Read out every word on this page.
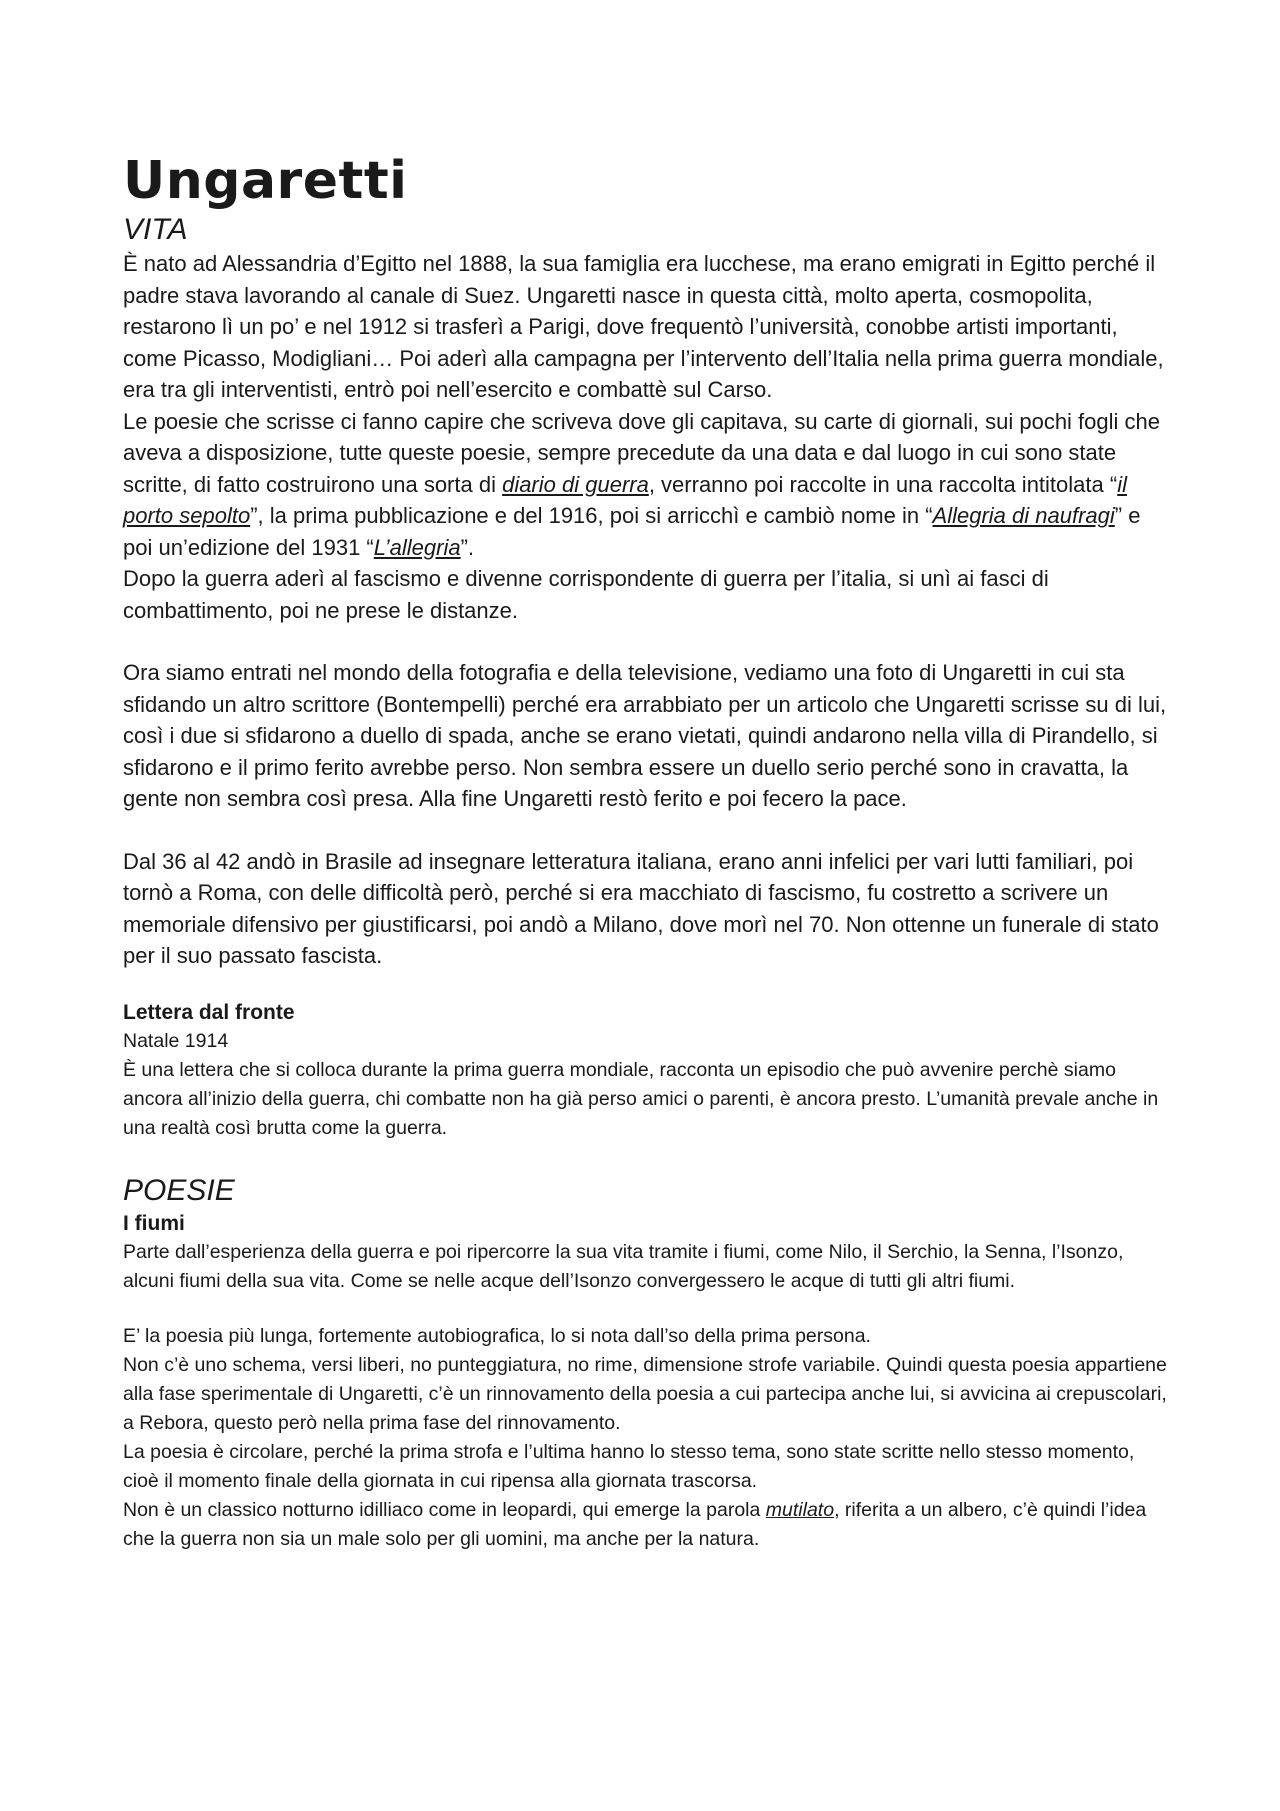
Ungaretti
VITA

È nato ad Alessandria d’Egitto nel 1888, la sua famiglia era lucchese, ma erano emigrati in Egitto perché il padre stava lavorando al canale di Suez. Ungaretti nasce in questa città, molto aperta, cosmopolita, restarono lì un po’ e nel 1912 si trasferì a Parigi, dove frequentò l’università, conobbe artisti importanti, come Picasso, Modigliani… Poi aderì alla campagna per l’intervento dell’Italia nella prima guerra mondiale, era tra gli interventisti, entrò poi nell’esercito e combattè sul Carso.
Le poesie che scrisse ci fanno capire che scriveva dove gli capitava, su carte di giornali, sui pochi fogli che aveva a disposizione, tutte queste poesie, sempre precedute da una data e dal luogo in cui sono state scritte, di fatto costruirono una sorta di diario di guerra, verranno poi raccolte in una raccolta intitolata “il porto sepolto”, la prima pubblicazione e del 1916, poi si arricchì e cambiò nome in “Allegria di naufragi” e poi un’edizione del 1931 “L’allegria”.
Dopo la guerra aderì al fascismo e divenne corrispondente di guerra per l’italia, si unì ai fasci di combattimento, poi ne prese le distanze.

Ora siamo entrati nel mondo della fotografia e della televisione, vediamo una foto di Ungaretti in cui sta sfidando un altro scrittore (Bontempelli) perché era arrabbiato per un articolo che Ungaretti scrisse su di lui, così i due si sfidarono a duello di spada, anche se erano vietati, quindi andarono nella villa di Pirandello, si sfidarono e il primo ferito avrebbe perso. Non sembra essere un duello serio perché sono in cravatta, la gente non sembra così presa. Alla fine Ungaretti restò ferito e poi fecero la pace.

Dal 36 al 42 andò in Brasile ad insegnare letteratura italiana, erano anni infelici per vari lutti familiari, poi tornò a Roma, con delle difficoltà però, perché si era macchiato di fascismo, fu costretto a scrivere un memoriale difensivo per giustificarsi, poi andò a Milano, dove morì nel 70. Non ottenne un funerale di stato per il suo passato fascista.

Lettera dal fronte

Natale 1914

È una lettera che si colloca durante la prima guerra mondiale, racconta un episodio che può avvenire perchè siamo ancora all’inizio della guerra, chi combatte non ha già perso amici o parenti, è ancora presto. L’umanità prevale anche in una realtà così brutta come la guerra.

POESIE

I fiumi

Parte dall’esperienza della guerra e poi ripercorre la sua vita tramite i fiumi, come Nilo, il Serchio, la Senna, l’Isonzo, alcuni fiumi della sua vita. Come se nelle acque dell’Isonzo convergessero le acque di tutti gli altri fiumi.

E’ la poesia più lunga, fortemente autobiografica, lo si nota dall’so della prima persona.
Non c’è uno schema, versi liberi, no punteggiatura, no rime, dimensione strofe variabile. Quindi questa poesia appartiene alla fase sperimentale di Ungaretti, c’è un rinnovamento della poesia a cui partecipa anche lui, si avvicina ai crepuscolari, a Rebora, questo però nella prima fase del rinnovamento.
La poesia è circolare, perché la prima strofa e l’ultima hanno lo stesso tema, sono state scritte nello stesso momento, cioè il momento finale della giornata in cui ripensa alla giornata trascorsa.
Non è un classico notturno idilliaco come in leopardi, qui emerge la parola mutilato, riferita a un albero, c’è quindi l’idea che la guerra non sia un male solo per gli uomini, ma anche per la natura.
